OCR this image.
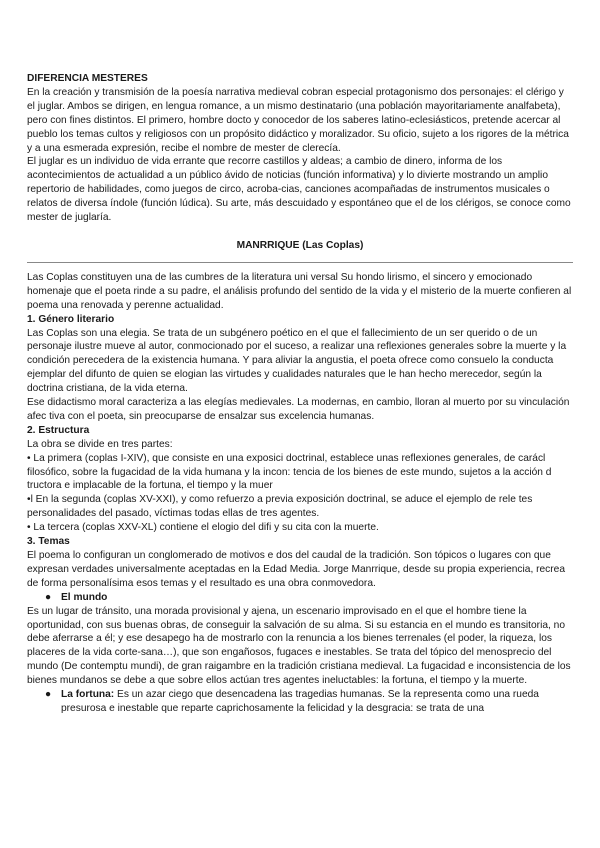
DIFERENCIA MESTERES

En la creación y transmisión de la poesía narrativa medieval cobran especial protagonismo dos personajes: el clérigo y el juglar. Ambos se dirigen, en lengua romance, a un mismo destinatario (una población mayoritariamente analfabeta), pero con fines distintos. El primero, hombre docto y conocedor de los saberes latino-eclesiásticos, pretende acercar al pueblo los temas cultos y religiosos con un propósito didáctico y moralizador. Su oficio, sujeto a los rigores de la métrica y a una esmerada expresión, recibe el nombre de mester de clerecía.

El juglar es un individuo de vida errante que recorre castillos y aldeas; a cambio de dinero, informa de los acontecimientos de actualidad a un público ávido de noticias (función informativa) y lo divierte mostrando un amplio repertorio de habilidades, como juegos de circo, acroba-cias, canciones acompañadas de instrumentos musicales o relatos de diversa índole (función lúdica). Su arte, más descuidado y espontáneo que el de los clérigos, se conoce como mester de juglaría.

MANRRIQUE (Las Coplas)

Las Coplas constituyen una de las cumbres de la literatura uni versal Su hondo lirismo, el sincero y emocionado homenaje que el poeta rinde a su padre, el análisis profundo del sentido de la vida y el misterio de la muerte confieren al poema una renovada y perenne actualidad.

1. Género literario

Las Coplas son una elegia. Se trata de un subgénero poético en el que el fallecimiento de un ser querido o de un personaje ilustre mueve al autor, conmocionado por el suceso, a realizar una reflexiones generales sobre la muerte y la condición perecedera de la existencia humana. Y para aliviar la angustia, el poeta ofrece como consuelo la conducta ejemplar del difunto de quien se elogian las virtudes y cualidades naturales que le han hecho merecedor, según la doctrina cristiana, de la vida eterna.

Ese didactismo moral caracteriza a las elegías medievales. La modernas, en cambio, lloran al muerto por su vinculación afec tiva con el poeta, sin preocuparse de ensalzar sus excelencia humanas.

2. Estructura

La obra se divide en tres partes:

• La primera (coplas I-XIV), que consiste en una exposici doctrinal, establece unas reflexiones generales, de carácl filosófico, sobre la fugacidad de la vida humana y la incon: tencia de los bienes de este mundo, sujetos a la acción d tructora e implacable de la fortuna, el tiempo y la muer

•l En la segunda (coplas XV-XXI), y como refuerzo a previa exposición doctrinal, se aduce el ejemplo de rele tes personalidades del pasado, víctimas todas ellas de tres agentes.

• La tercera (coplas XXV-XL) contiene el elogio del difi y su cita con la muerte.

3. Temas

El poema lo configuran un conglomerado de motivos e dos del caudal de la tradición. Son tópicos o lugares con que expresan verdades universalmente aceptadas en la Edad Media. Jorge Manrrique, desde su propia experiencia, recrea de forma personalísima esos temas y el resultado es una obra conmovedora.

● El mundo

Es un lugar de tránsito, una morada provisional y ajena, un escenario improvisado en el que el hombre tiene la oportunidad, con sus buenas obras, de conseguir la salvación de su alma. Si su estancia en el mundo es transitoria, no debe aferrarse a él; y ese desapego ha de mostrarlo con la renuncia a los bienes terrenales (el poder, la riqueza, los placeres de la vida corte-sana…), que son engañosos, fugaces e inestables. Se trata del tópico del menosprecio del mundo (De contemptu mundi), de gran raigambre en la tradición cristiana medieval. La fugacidad e inconsistencia de los bienes mundanos se debe a que sobre ellos actúan tres agentes ineluctables: la fortuna, el tiempo y la muerte.

● La fortuna: Es un azar ciego que desencadena las tragedias humanas. Se la representa como una rueda presurosa e inestable que reparte caprichosamente la felicidad y la desgracia: se trata de una
